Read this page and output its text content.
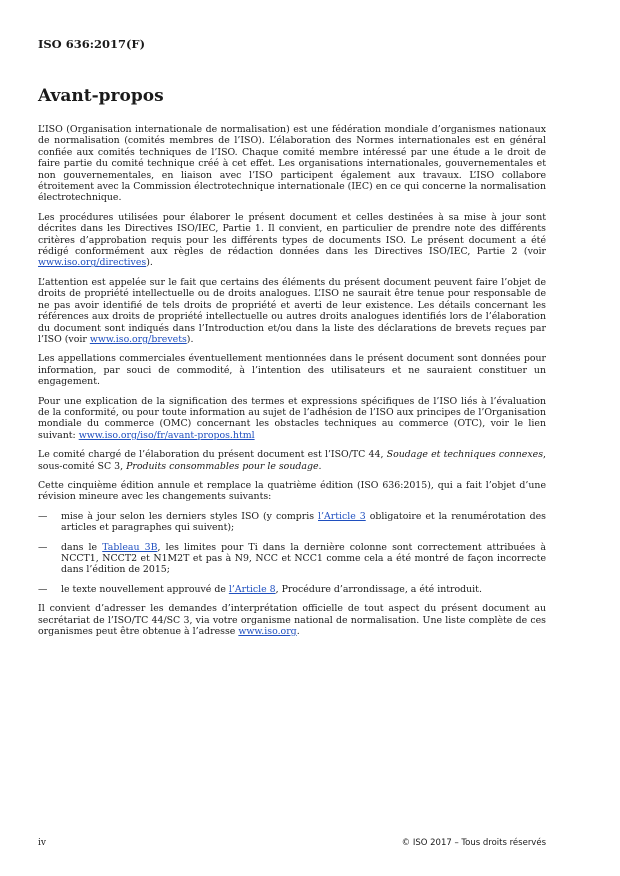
ISO 636:2017(F)
Avant-propos

L’ISO (Organisation internationale de normalisation) est une fédération mondiale d’organismes nationaux de normalisation (comités membres de l’ISO). L’élaboration des Normes internationales est en général confiée aux comités techniques de l’ISO. Chaque comité membre intéressé par une étude a le droit de faire partie du comité technique créé à cet effet. Les organisations internationales, gouvernementales et non gouvernementales, en liaison avec l’ISO participent également aux travaux. L’ISO collabore étroitement avec la Commission électrotechnique internationale (IEC) en ce qui concerne la normalisation électrotechnique.

Les procédures utilisées pour élaborer le présent document et celles destinées à sa mise à jour sont décrites dans les Directives ISO/IEC, Partie 1. Il convient, en particulier de prendre note des différents critères d’approbation requis pour les différents types de documents ISO. Le présent document a été rédigé conformément aux règles de rédaction données dans les Directives ISO/IEC, Partie 2 (voir www.iso.org/directives).

L’attention est appelée sur le fait que certains des éléments du présent document peuvent faire l’objet de droits de propriété intellectuelle ou de droits analogues. L’ISO ne saurait être tenue pour responsable de ne pas avoir identifié de tels droits de propriété et averti de leur existence. Les détails concernant les références aux droits de propriété intellectuelle ou autres droits analogues identifiés lors de l’élaboration du document sont indiqués dans l’Introduction et/ou dans la liste des déclarations de brevets reçues par l’ISO (voir www.iso.org/brevets).

Les appellations commerciales éventuellement mentionnées dans le présent document sont données pour information, par souci de commodité, à l’intention des utilisateurs et ne sauraient constituer un engagement.

Pour une explication de la signification des termes et expressions spécifiques de l’ISO liés à l’évaluation de la conformité, ou pour toute information au sujet de l’adhésion de l’ISO aux principes de l’Organisation mondiale du commerce (OMC) concernant les obstacles techniques au commerce (OTC), voir le lien suivant: www.iso.org/iso/fr/avant-propos.html

Le comité chargé de l’élaboration du présent document est l’ISO/TC 44, Soudage et techniques connexes, sous-comité SC 3, Produits consommables pour le soudage.

Cette cinquième édition annule et remplace la quatrième édition (ISO 636:2015), qui a fait l’objet d’une révision mineure avec les changements suivants:

— mise à jour selon les derniers styles ISO (y compris l’Article 3 obligatoire et la renumérotation des articles et paragraphes qui suivent);
— dans le Tableau 3B, les limites pour Ti dans la dernière colonne sont correctement attribuées à NCCT1, NCCT2 et N1M2T et pas à N9, NCC et NCC1 comme cela a été montré de façon incorrecte dans l’édition de 2015;
— le texte nouvellement approuvé de l’Article 8, Procédure d’arrondissage, a été introduit.

Il convient d’adresser les demandes d’interprétation officielle de tout aspect du présent document au secrétariat de l’ISO/TC 44/SC 3, via votre organisme national de normalisation. Une liste complète de ces organismes peut être obtenue à l’adresse www.iso.org.

iv	© ISO 2017 – Tous droits réservés
